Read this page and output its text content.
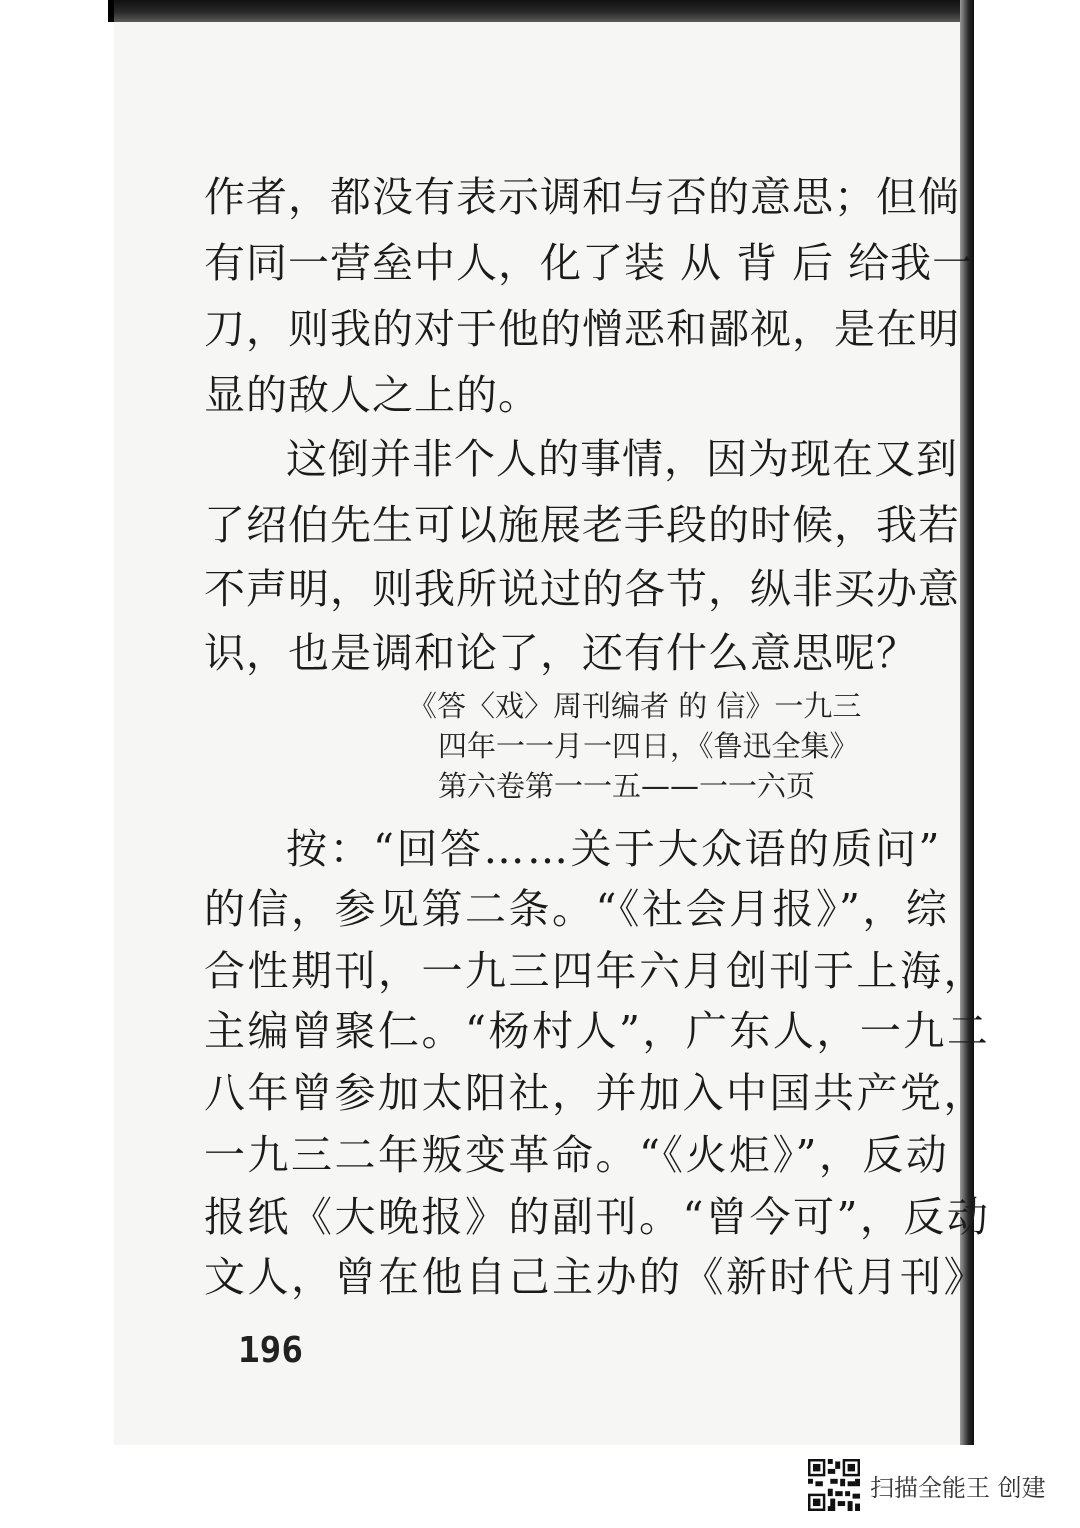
作者，都没有表示调和与否的意思；但倘
有同一营垒中人，化了装 从 背 后 给我一
刀，则我的对于他的憎恶和鄙视，是在明
显的敌人之上的。
这倒并非个人的事情，因为现在又到
了绍伯先生可以施展老手段的时候，我若
不声明，则我所说过的各节，纵非买办意
识，也是调和论了，还有什么意思呢？
《答〈戏〉周刊编者 的 信》一九三
四年一一月一四日，《鲁迅全集》
第六卷第一一五——一一六页
按：“回答……关于大众语的质问”
的信，参见第二条。“《社会月报》”，综
合性期刊，一九三四年六月创刊于上海，
主编曾聚仁。“杨村人”，广东人，一九二
八年曾参加太阳社，并加入中国共产党，
一九三二年叛变革命。“《火炬》”，反动
报纸《大晚报》的副刊。“曾今可”，反动
文人，曾在他自己主办的《新时代月刊》
196
扫描全能王 创建
